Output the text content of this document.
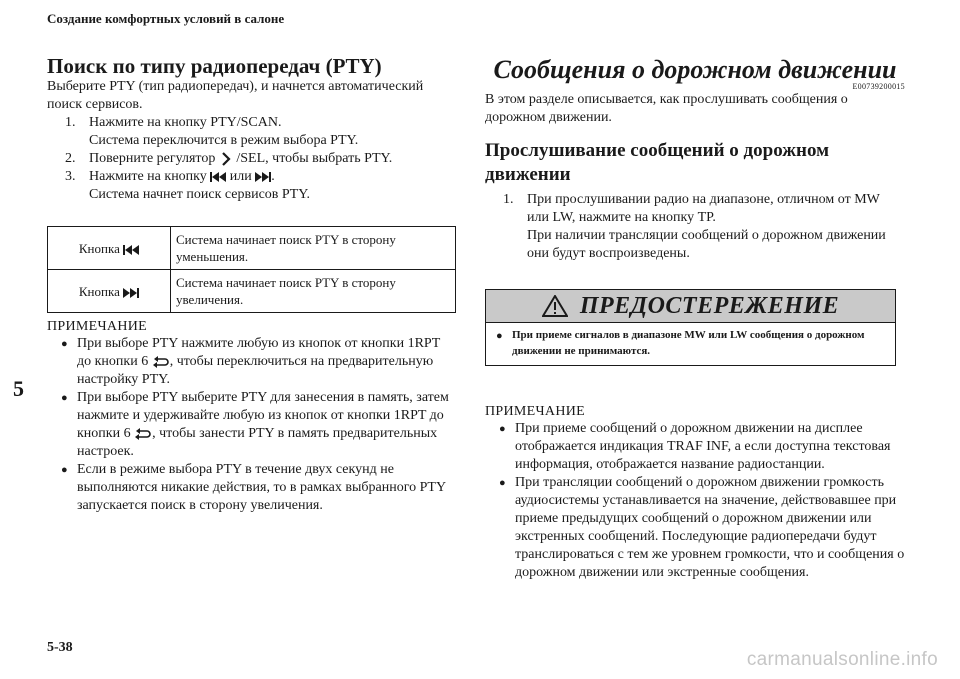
Создание комфортных условий в салоне
5
Поиск по типу радиопередач (PTY)

Выберите PTY (тип радиопередач), и начнется автоматический поиск сервисов.

1. Нажмите на кнопку PTY/SCAN.
Система переключится в режим выбора PTY.
2. Поверните регулятор  /SEL, чтобы выбрать PTY.
3. Нажмите на кнопку  или .
Система начнет поиск сервисов PTY.
Кнопка	Система начинает поиск PTY в сторону уменьшения.
Кнопка	Система начинает поиск PTY в сторону увеличения.
ПРИМЕЧАНИЕ
● При выборе PTY нажмите любую из кнопок от кнопки 1RPT до кнопки 6 , чтобы переключиться на предварительную настройку PTY.
● При выборе PTY выберите PTY для занесения в память, затем нажмите и удерживайте любую из кнопок от кнопки 1RPT до кнопки 6 , чтобы занести PTY в память предварительных настроек.
● Если в режиме выбора PTY в течение двух секунд не выполняются никакие действия, то в рамках выбранного PTY запускается поиск в сторону увеличения.
Сообщения о дорожном движении
E00739200015

В этом разделе описывается, как прослушивать сообщения о дорожном движении.

Прослушивание сообщений о дорожном движении
1. При прослушивании радио на диапазоне, отличном от MW или LW, нажмите на кнопку TP.
При наличии трансляции сообщений о дорожном движении они будут воспроизведены.
ПРЕДОСТЕРЕЖЕНИЕ
● При приеме сигналов в диапазоне MW или LW сообщения о дорожном движении не принимаются.
ПРИМЕЧАНИЕ
● При приеме сообщений о дорожном движении на дисплее отображается индикация TRAF INF, а если доступна текстовая информация, отображается название радиостанции.
● При трансляции сообщений о дорожном движении громкость аудиосистемы устанавливается на значение, действовавшее при приеме предыдущих сообщений о дорожном движении или экстренных сообщений. Последующие радиопередачи будут транслироваться с тем же уровнем громкости, что и сообщения о дорожном движении или экстренные сообщения.
5-38
carmanualsonline.info
